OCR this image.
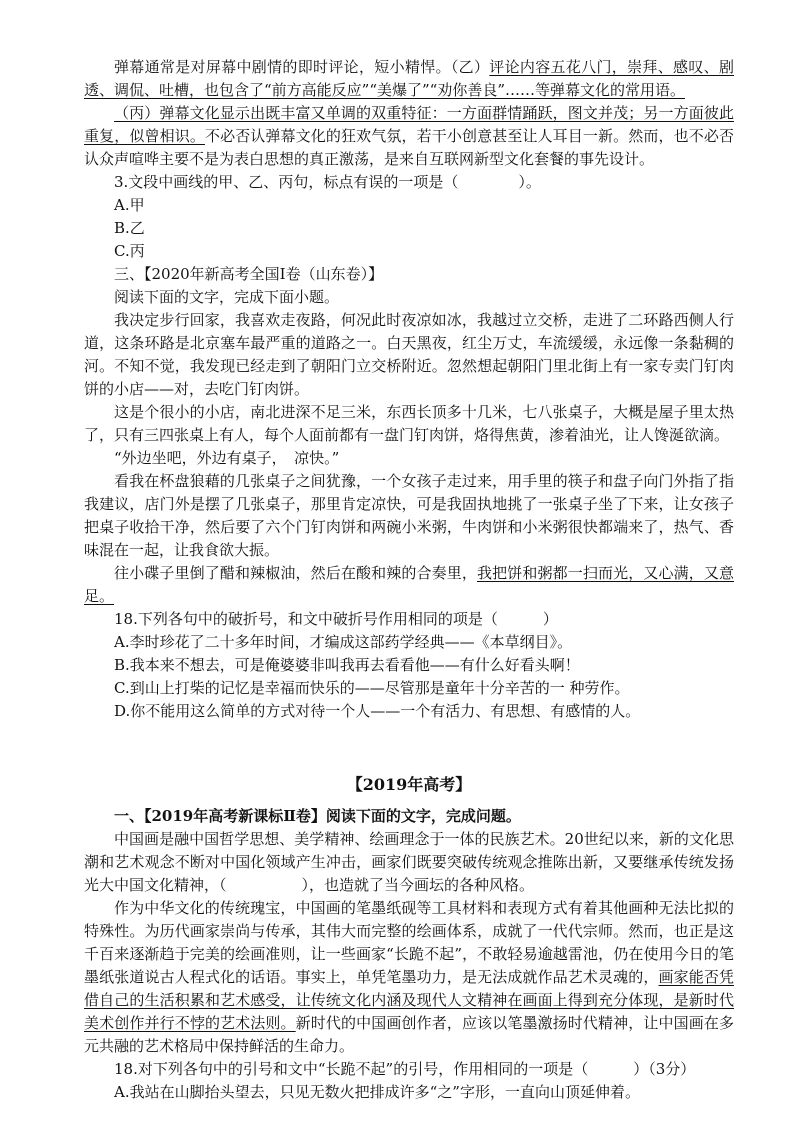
弹幕通常是对屏幕中剧情的即时评论，短小精悍。（乙）评论内容五花八门，崇拜、感叹、剧透、调侃、吐槽，也包含了“前方高能反应”“美爆了”“劝你善良”……等弹幕文化的常用语。

（丙）弹幕文化显示出既丰富又单调的双重特征：一方面群情踊跃，图文并茂；另一方面彼此重复，似曾相识。不必否认弹幕文化的狂欢气氛，若干小创意甚至让人耳目一新。然而，也不必否认众声喧哗主要不是为表白思想的真正激荡，是来自互联网新型文化套餐的事先设计。

3.文段中画线的甲、乙、丙句，标点有误的一项是（　　　　）。

A.甲

B.乙

C.丙

三、【2020年新高考全国Ⅰ卷（山东卷）】

阅读下面的文字，完成下面小题。

我决定步行回家，我喜欢走夜路，何况此时夜凉如冰，我越过立交桥，走进了二环路西侧人行道，这条环路是北京塞车最严重的道路之一。白天黑夜，红尘万丈，车流缓缓，永远像一条黏稠的河。不知不觉，我发现已经走到了朝阳门立交桥附近。忽然想起朝阳门里北街上有一家专卖门钉肉饼的小店——对，去吃门钉肉饼。

这是个很小的小店，南北进深不足三米，东西长顶多十几米，七八张桌子，大概是屋子里太热了，只有三四张桌上有人，每个人面前都有一盘门钉肉饼，烙得焦黄，渗着油光，让人馋涎欲滴。

“外边坐吧，外边有桌子，　凉快。”

看我在杯盘狼藉的几张桌子之间犹豫，一个女孩子走过来，用手里的筷子和盘子向门外指了指我建议，店门外是摆了几张桌子，那里肯定凉快，可是我固执地挑了一张桌子坐了下来，让女孩子把桌子收拾干净，然后要了六个门钉肉饼和两碗小米粥，牛肉饼和小米粥很快都端来了，热气、香味混在一起，让我食欲大振。

往小碟子里倒了醋和辣椒油，然后在酸和辣的合奏里，我把饼和粥都一扫而光，又心满，又意足。

18.下列各句中的破折号，和文中破折号作用相同的项是（　　　）

A.李时珍花了二十多年时间，才编成这部药学经典——《本草纲目》。

B.我本来不想去，可是俺婆婆非叫我再去看看他——有什么好看头啊！

C.到山上打柴的记忆是幸福而快乐的——尽管那是童年十分辛苦的一 种劳作。

D.你不能用这么简单的方式对待一个人——一个有活力、有思想、有感情的人。

【2019年高考】

一、【2019年高考新课标Ⅱ卷】阅读下面的文字，完成问题。

中国画是融中国哲学思想、美学精神、绘画理念于一体的民族艺术。20世纪以来，新的文化思潮和艺术观念不断对中国化领域产生冲击，画家们既要突破传统观念推陈出新，又要继承传统发扬光大中国文化精神，（　　　　　），也造就了当今画坛的各种风格。

作为中华文化的传统瑰宝，中国画的笔墨纸砚等工具材料和表现方式有着其他画种无法比拟的特殊性。为历代画家崇尚与传承，其伟大而完整的绘画体系，成就了一代代宗师。然而，也正是这千百来逐渐趋于完美的绘画准则，让一些画家“长跪不起”，不敢轻易逾越雷池，仍在使用今日的笔墨纸张道说古人程式化的话语。事实上，单凭笔墨功力，是无法成就作品艺术灵魂的，画家能否凭借自己的生活积累和艺术感受，让传统文化内涵及现代人文精神在画面上得到充分体现，是新时代美术创作并行不悖的艺术法则。新时代的中国画创作者，应该以笔墨激扬时代精神，让中国画在多元共融的艺术格局中保持鲜活的生命力。

18.对下列各句中的引号和文中“长跪不起”的引号，作用相同的一项是（　　　）（3分）

A.我站在山脚抬头望去，只见无数火把排成许多“之”字形，一直向山顶延伸着。
